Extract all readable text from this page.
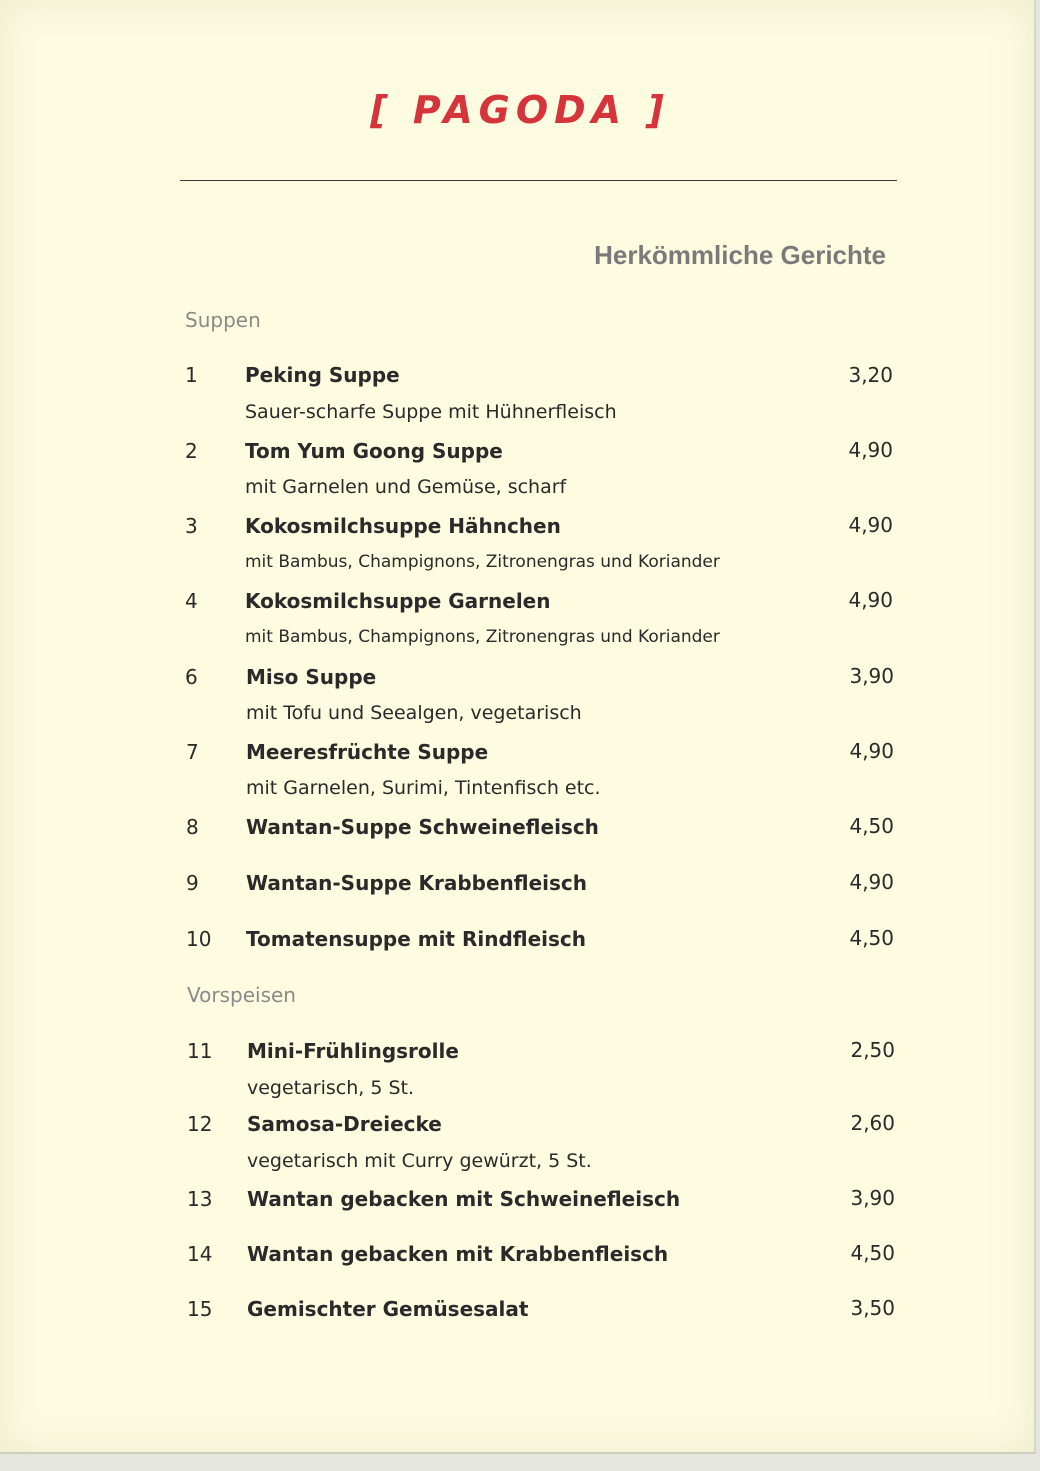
[ PAGODA ]
Herkömmliche Gerichte
Suppen
1 Peking Suppe	3,20
Sauer-scharfe Suppe mit Hühnerfleisch
2 Tom Yum Goong Suppe	4,90
mit Garnelen und Gemüse, scharf
3 Kokosmilchsuppe Hähnchen	4,90
mit Bambus, Champignons, Zitronengras und Koriander
4 Kokosmilchsuppe Garnelen	4,90
mit Bambus, Champignons, Zitronengras und Koriander
6 Miso Suppe	3,90
mit Tofu und Seealgen, vegetarisch
7 Meeresfrüchte Suppe	4,90
mit Garnelen, Surimi, Tintenfisch etc.
8 Wantan-Suppe Schweinefleisch	4,50
9 Wantan-Suppe Krabbenfleisch	4,90
10 Tomatensuppe mit Rindfleisch	4,50
Vorspeisen
11 Mini-Frühlingsrolle	2,50
vegetarisch, 5 St.
12 Samosa-Dreiecke	2,60
vegetarisch mit Curry gewürzt, 5 St.
13 Wantan gebacken mit Schweinefleisch	3,90
14 Wantan gebacken mit Krabbenfleisch	4,50
15 Gemischter Gemüsesalat	3,50
